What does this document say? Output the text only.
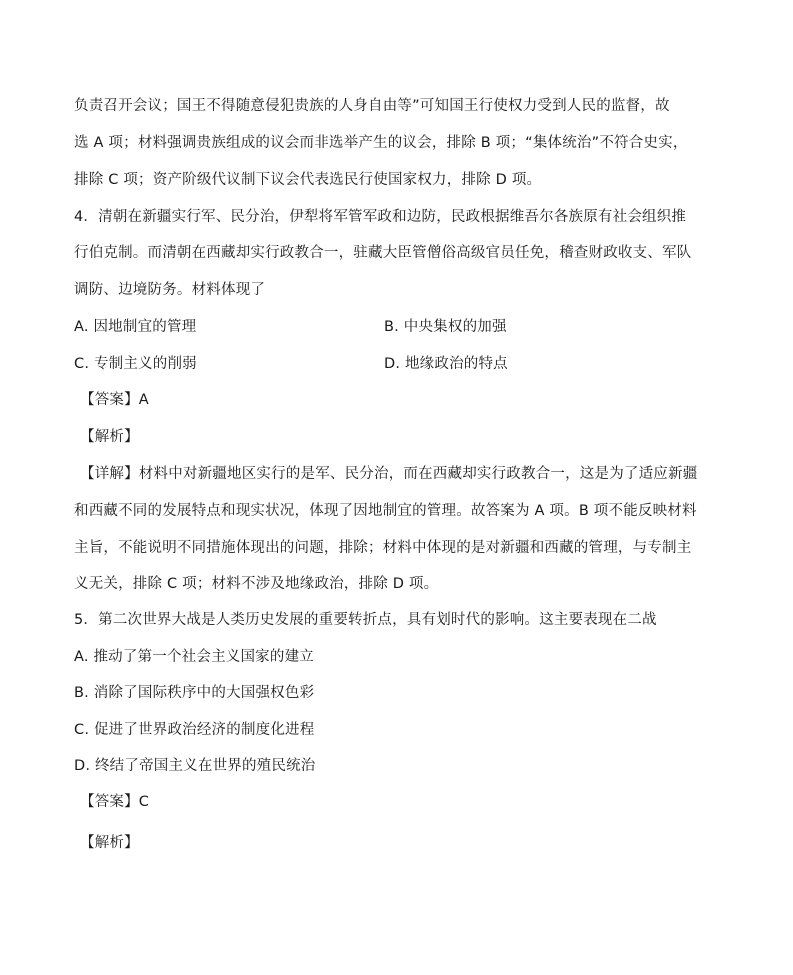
负责召开会议；国王不得随意侵犯贵族的人身自由等”可知国王行使权力受到人民的监督，故
选 A 项；材料强调贵族组成的议会而非选举产生的议会，排除 B 项；“集体统治”不符合史实，
排除 C 项；资产阶级代议制下议会代表选民行使国家权力，排除 D 项。
4．清朝在新疆实行军、民分治，伊犁将军管军政和边防，民政根据维吾尔各族原有社会组织推
行伯克制。而清朝在西藏却实行政教合一，驻藏大臣管僧俗高级官员任免，稽查财政收支、军队
调防、边境防务。材料体现了
A. 因地制宜的管理	B. 中央集权的加强
C. 专制主义的削弱	D. 地缘政治的特点
【答案】A
【解析】
【详解】材料中对新疆地区实行的是军、民分治，而在西藏却实行政教合一，这是为了适应新疆
和西藏不同的发展特点和现实状况，体现了因地制宜的管理。故答案为 A 项。B 项不能反映材料
主旨，不能说明不同措施体现出的问题，排除；材料中体现的是对新疆和西藏的管理，与专制主
义无关，排除 C 项；材料不涉及地缘政治，排除 D 项。
5．第二次世界大战是人类历史发展的重要转折点，具有划时代的影响。这主要表现在二战
A. 推动了第一个社会主义国家的建立
B. 消除了国际秩序中的大国强权色彩
C. 促进了世界政治经济的制度化进程
D. 终结了帝国主义在世界的殖民统治
【答案】C
【解析】
